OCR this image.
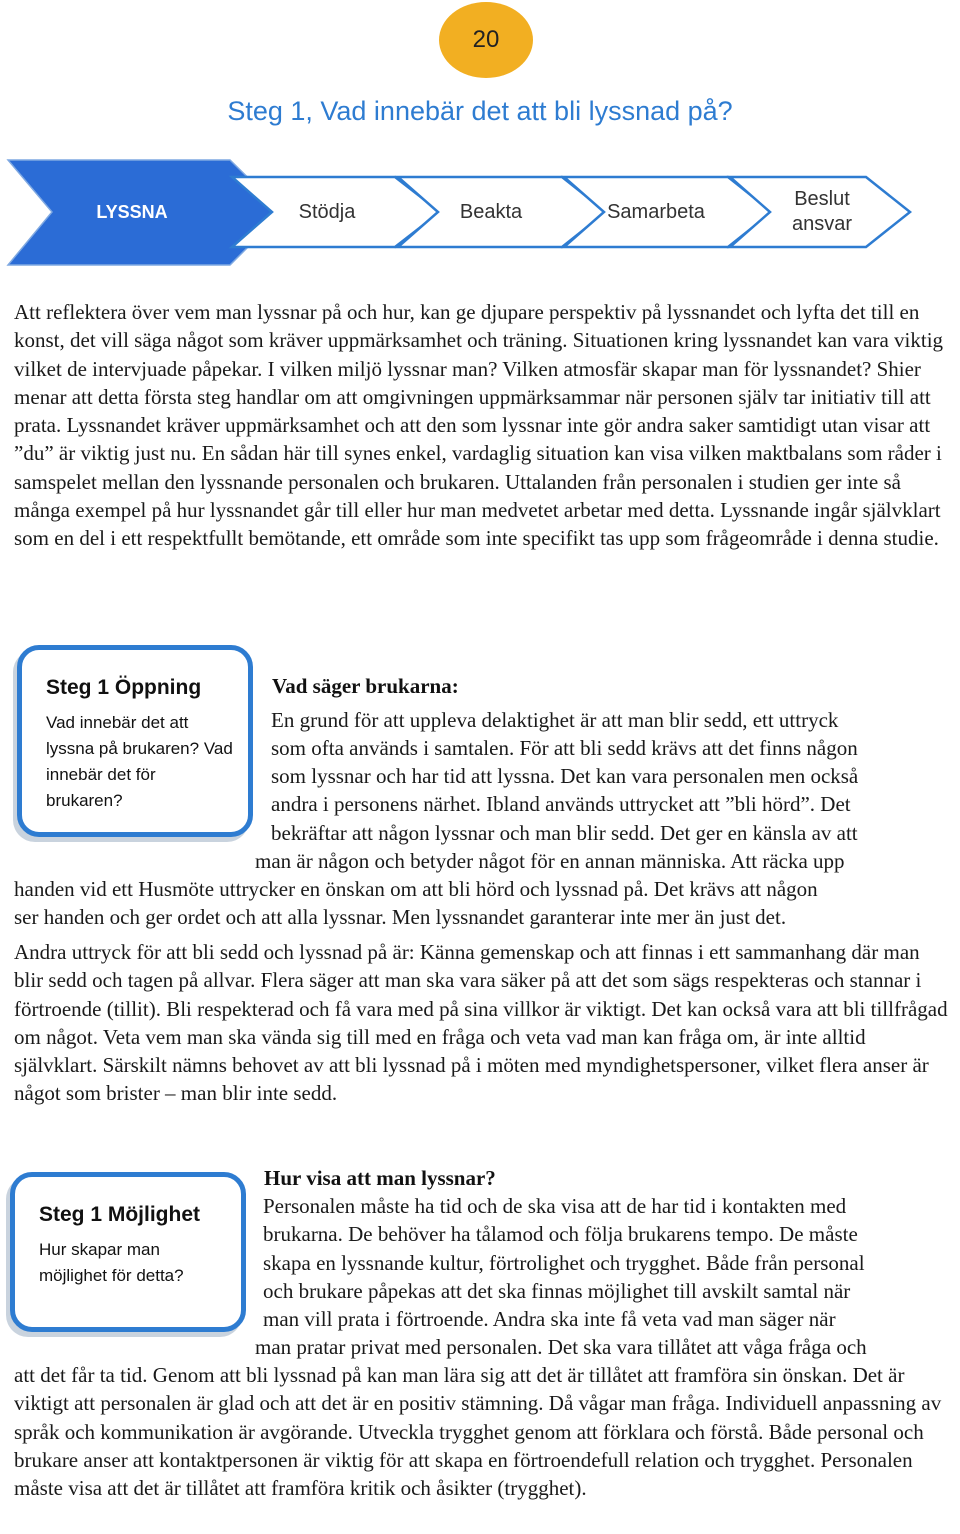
20
Steg 1, Vad innebär det att bli lyssnad på?
LYSSNA	Stödja	Beakta	Samarbeta
Beslut ansvar

Att reflektera över vem man lyssnar på och hur, kan ge djupare perspektiv på lyssnandet och lyfta det till en konst, det vill säga något som kräver uppmärksamhet och träning. Situationen kring lyssnandet kan vara viktig vilket de intervjuade påpekar. I vilken miljö lyssnar man? Vilken atmosfär skapar man för lyssnandet? Shier menar att detta första steg handlar om att omgivningen uppmärksammar när personen själv tar initiativ till att prata. Lyssnandet kräver uppmärksamhet och att den som lyssnar inte gör andra saker samtidigt utan visar att ”du” är viktig just nu. En sådan här till synes enkel, vardaglig situation kan visa vilken maktbalans som råder i samspelet mellan den lyssnande personalen och brukaren. Uttalanden från personalen i studien ger inte så många exempel på hur lyssnandet går till eller hur man medvetet arbetar med detta. Lyssnande ingår självklart som en del i ett respektfullt bemötande, ett område som inte specifikt tas upp som frågeområde i denna studie.

Steg 1 Öppning

Vad innebär det att lyssna på brukaren? Vad innebär det för brukaren?

Vad säger brukarna:

En grund för att uppleva delaktighet är att man blir sedd, ett uttryck

som ofta används i samtalen. För att bli sedd krävs att det finns någon

som lyssnar och har tid att lyssna. Det kan vara personalen men också

andra i personens närhet. Ibland används uttrycket att ”bli hörd”. Det

bekräftar att någon lyssnar och man blir sedd. Det ger en känsla av att

man är någon och betyder något för en annan människa. Att räcka upp

handen vid ett Husmöte uttrycker en önskan om att bli hörd och lyssnad på. Det krävs att någon

ser handen och ger ordet och att alla lyssnar. Men lyssnandet garanterar inte mer än just det.

Andra uttryck för att bli sedd och lyssnad på är: Känna gemenskap och att finnas i ett sammanhang där man blir sedd och tagen på allvar. Flera säger att man ska vara säker på att det som sägs respekteras och stannar i förtroende (tillit). Bli respekterad och få vara med på sina villkor är viktigt. Det kan också vara att bli tillfrågad om något. Veta vem man ska vända sig till med en fråga och veta vad man kan fråga om, är inte alltid självklart. Särskilt nämns behovet av att bli lyssnad på i möten med myndighetspersoner, vilket flera anser är något som brister – man blir inte sedd.

Steg 1 Möjlighet

Hur skapar man möjlighet för detta?

Hur visa att man lyssnar?

Personalen måste ha tid och de ska visa att de har tid i kontakten med

brukarna. De behöver ha tålamod och följa brukarens tempo. De måste

skapa en lyssnande kultur, förtrolighet och trygghet. Både från personal

och brukare påpekas att det ska finnas möjlighet till avskilt samtal när

man vill prata i förtroende. Andra ska inte få veta vad man säger när

man pratar privat med personalen. Det ska vara tillåtet att våga fråga och

att det får ta tid. Genom att bli lyssnad på kan man lära sig att det är tillåtet att framföra sin önskan. Det är viktigt att personalen är glad och att det är en positiv stämning. Då vågar man fråga. Individuell anpassning av språk och kommunikation är avgörande. Utveckla trygghet genom att förklara och förstå. Både personal och brukare anser att kontaktpersonen är viktig för att skapa en förtroendefull relation och trygghet. Personalen måste visa att det är tillåtet att framföra kritik och åsikter (trygghet).
